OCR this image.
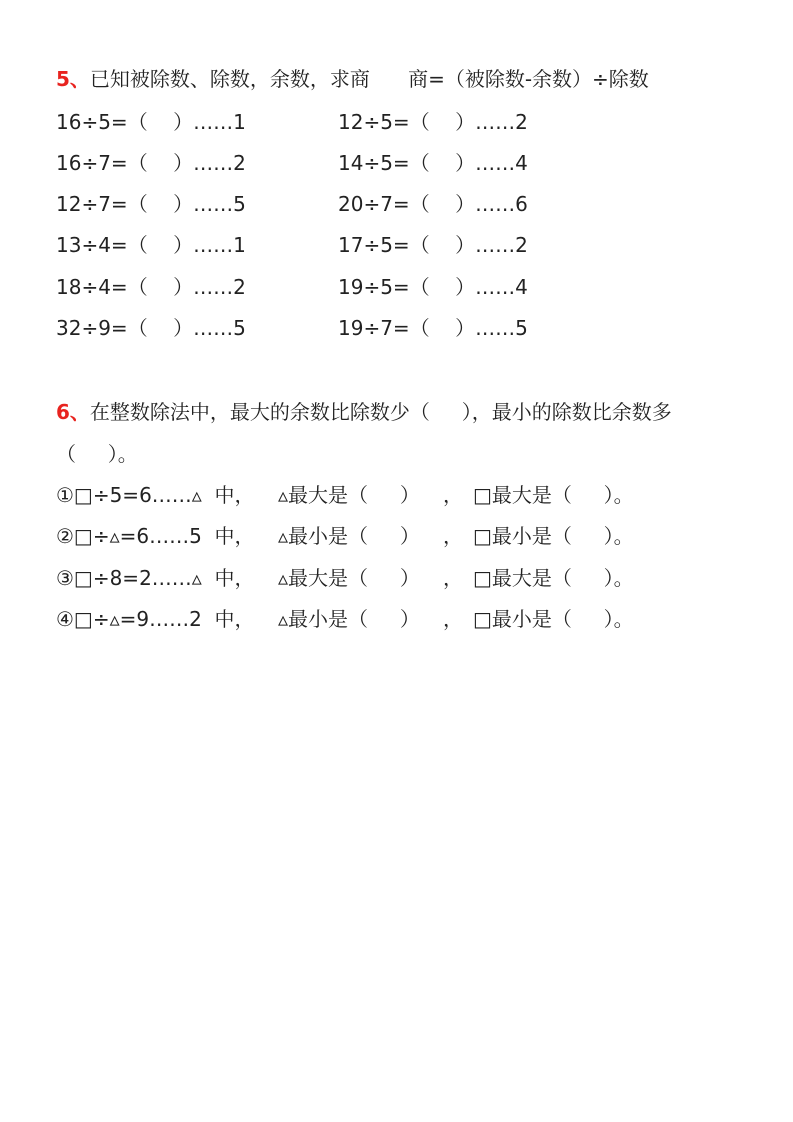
5、已知被除数、除数，余数，求商      商=（被除数-余数）÷除数
16÷5=（    ）……1	12÷5=（    ）……2
16÷7=（    ）……2	14÷5=（    ）……4
12÷7=（    ）……5	20÷7=（    ）……6
13÷4=（    ）……1	17÷5=（    ）……2
18÷4=（    ）……2	19÷5=（    ）……4
32÷9=（    ）……5	19÷7=（    ）……5
6、在整数除法中，最大的余数比除数少（     ），最小的除数比余数多
（     ）。
①□÷5=6……▵  中， ▵最大是（     ） ， □最大是（     ）。
②□÷▵=6……5  中， ▵最小是（     ） ， □最小是（     ）。
③□÷8=2……▵  中， ▵最大是（     ） ， □最大是（     ）。
④□÷▵=9……2  中， ▵最小是（     ） ， □最小是（     ）。
